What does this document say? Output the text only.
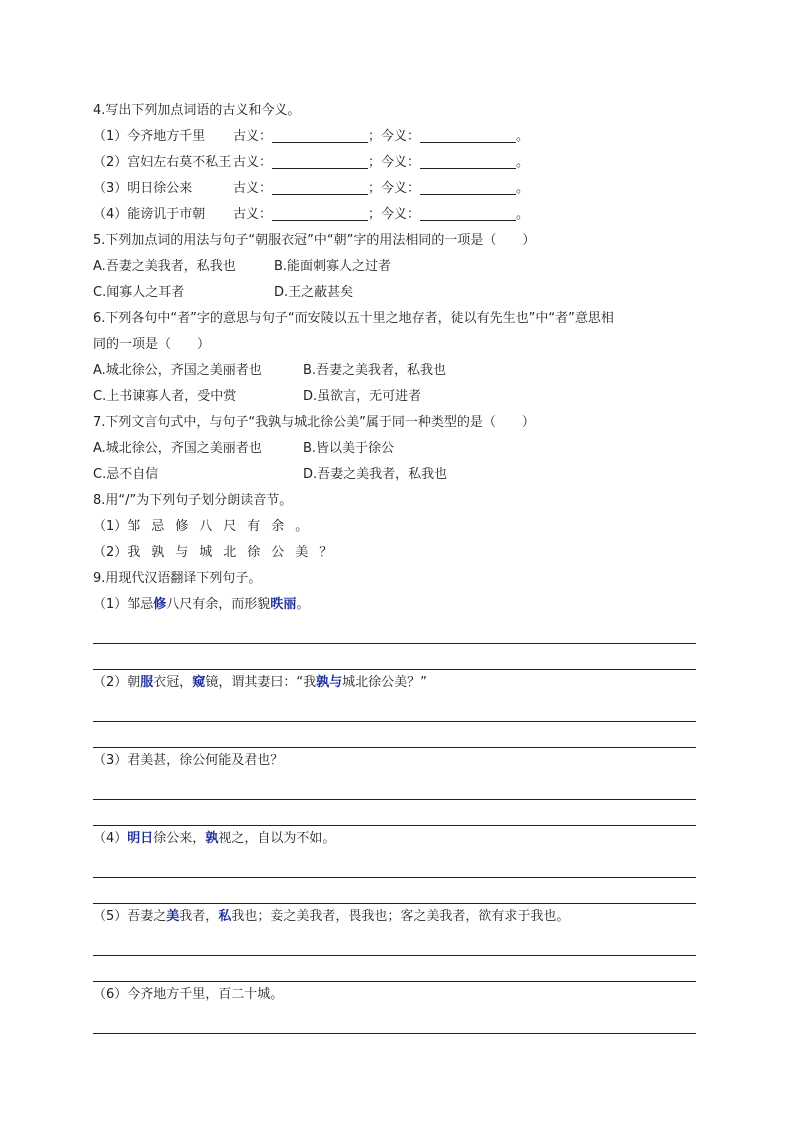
4.写出下列加点词语的古义和今义。
（1）今齐地方千里 古义：	；今义：	。
（2）宫妇左右莫不私王 古义：	；今义：	。
（3）明日徐公来	古义：	；今义：	。
（4）能谤讥于市朝 古义：	；今义：	。
5.下列加点词的用法与句子“朝服衣冠”中“朝”字的用法相同的一项是（　　）
A.吾妻之美我者，私我也	B.能面刺寡人之过者
C.闻寡人之耳者	D.王之蔽甚矣
6.下列各句中“者”字的意思与句子“而安陵以五十里之地存者，徒以有先生也”中“者”意思相
同的一项是（　　）
A.城北徐公，齐国之美丽者也	B.吾妻之美我者，私我也
C.上书谏寡人者，受中赏	D.虽欲言，无可进者
7.下列文言句式中，与句子“我孰与城北徐公美”属于同一种类型的是（　　）
A.城北徐公，齐国之美丽者也	B.皆以美于徐公
C.忌不自信	D.吾妻之美我者，私我也
8.用“/”为下列句子划分朗读音节。
（1）邹忌修八尺有余。
（2）我孰与城北徐公美？
9.用现代汉语翻译下列句子。
（1）邹忌修八尺有余，而形貌昳丽。
（2）朝服衣冠，窥镜，谓其妻曰：“我孰与城北徐公美？”
（3）君美甚，徐公何能及君也？
（4）明日徐公来，孰视之，自以为不如。
（5）吾妻之美我者，私我也；妾之美我者，畏我也；客之美我者，欲有求于我也。
（6）今齐地方千里，百二十城。
